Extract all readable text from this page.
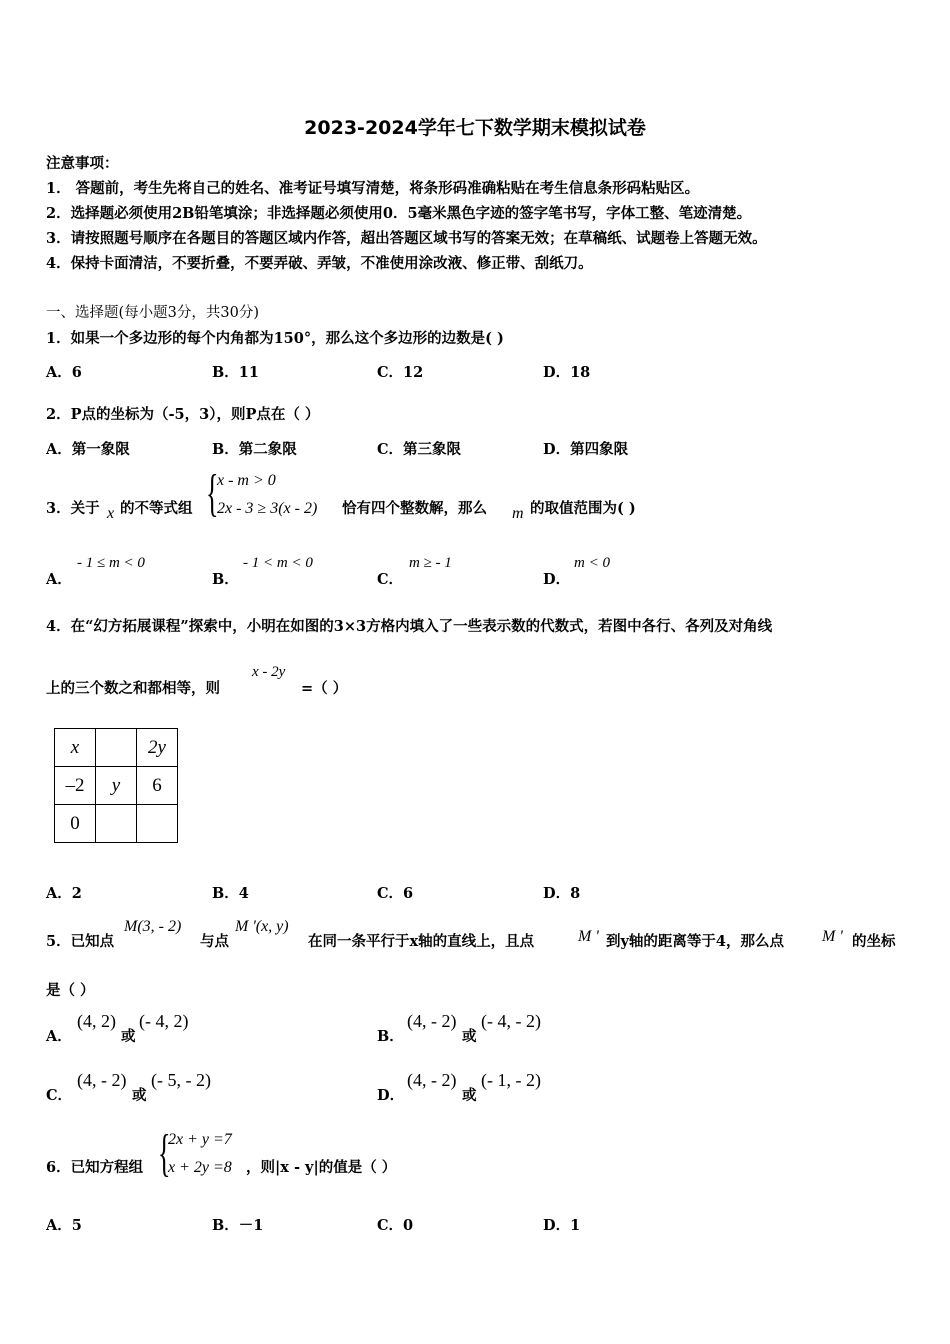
2023-2024学年七下数学期末模拟试卷
注意事项：
1． 答题前，考生先将自己的姓名、准考证号填写清楚，将条形码准确粘贴在考生信息条形码粘贴区。
2．选择题必须使用2B铅笔填涂；非选择题必须使用0．5毫米黑色字迹的签字笔书写，字体工整、笔迹清楚。
3．请按照题号顺序在各题目的答题区域内作答，超出答题区域书写的答案无效；在草稿纸、试题卷上答题无效。
4．保持卡面清洁，不要折叠，不要弄破、弄皱，不准使用涂改液、修正带、刮纸刀。
一、选择题(每小题3分，共30分)
1．如果一个多边形的每个内角都为150°，那么这个多边形的边数是( )
A．6	B．11	C．12	D．18
2．P点的坐标为（-5，3），则P点在（ ）
A．第一象限	B．第二象限	C．第三象限	D．第四象限
3．关于 x 的不等式组 {
x - m > 0
2x - 3 ≥ 3(x - 2) 恰有四个整数解，那么 m 的取值范围为( )
A．
- 1 ≤ m < 0
B．
- 1 < m < 0
C．
m ≥ - 1
D．
m < 0
4．在“幻方拓展课程”探索中，小明在如图的3×3方格内填入了一些表示数的代数式，若图中各行、各列及对角线
上的三个数之和都相等，则
x - 2y
=（ ）
x		2y
–2	y	6
0		
A．2	B．4	C．6	D．8
5．已知点
M(3, - 2)
与点
M '(x, y)
在同一条平行于x轴的直线上，且点	M ' 到y轴的距离等于4，那么点 M ' 的坐标
是（ ）
A．
(4, 2)
或
(- 4, 2)
B．
(4, - 2)
或
(- 4, - 2)
C．
(4, - 2)
或
(- 5, - 2)
D．
(4, - 2)
或
(- 1, - 2)
6．已知方程组 {
2x + y =7
x + 2y =8 ，则|x - y|的值是（ ）
A．5	B．－1	C．0	D．1
